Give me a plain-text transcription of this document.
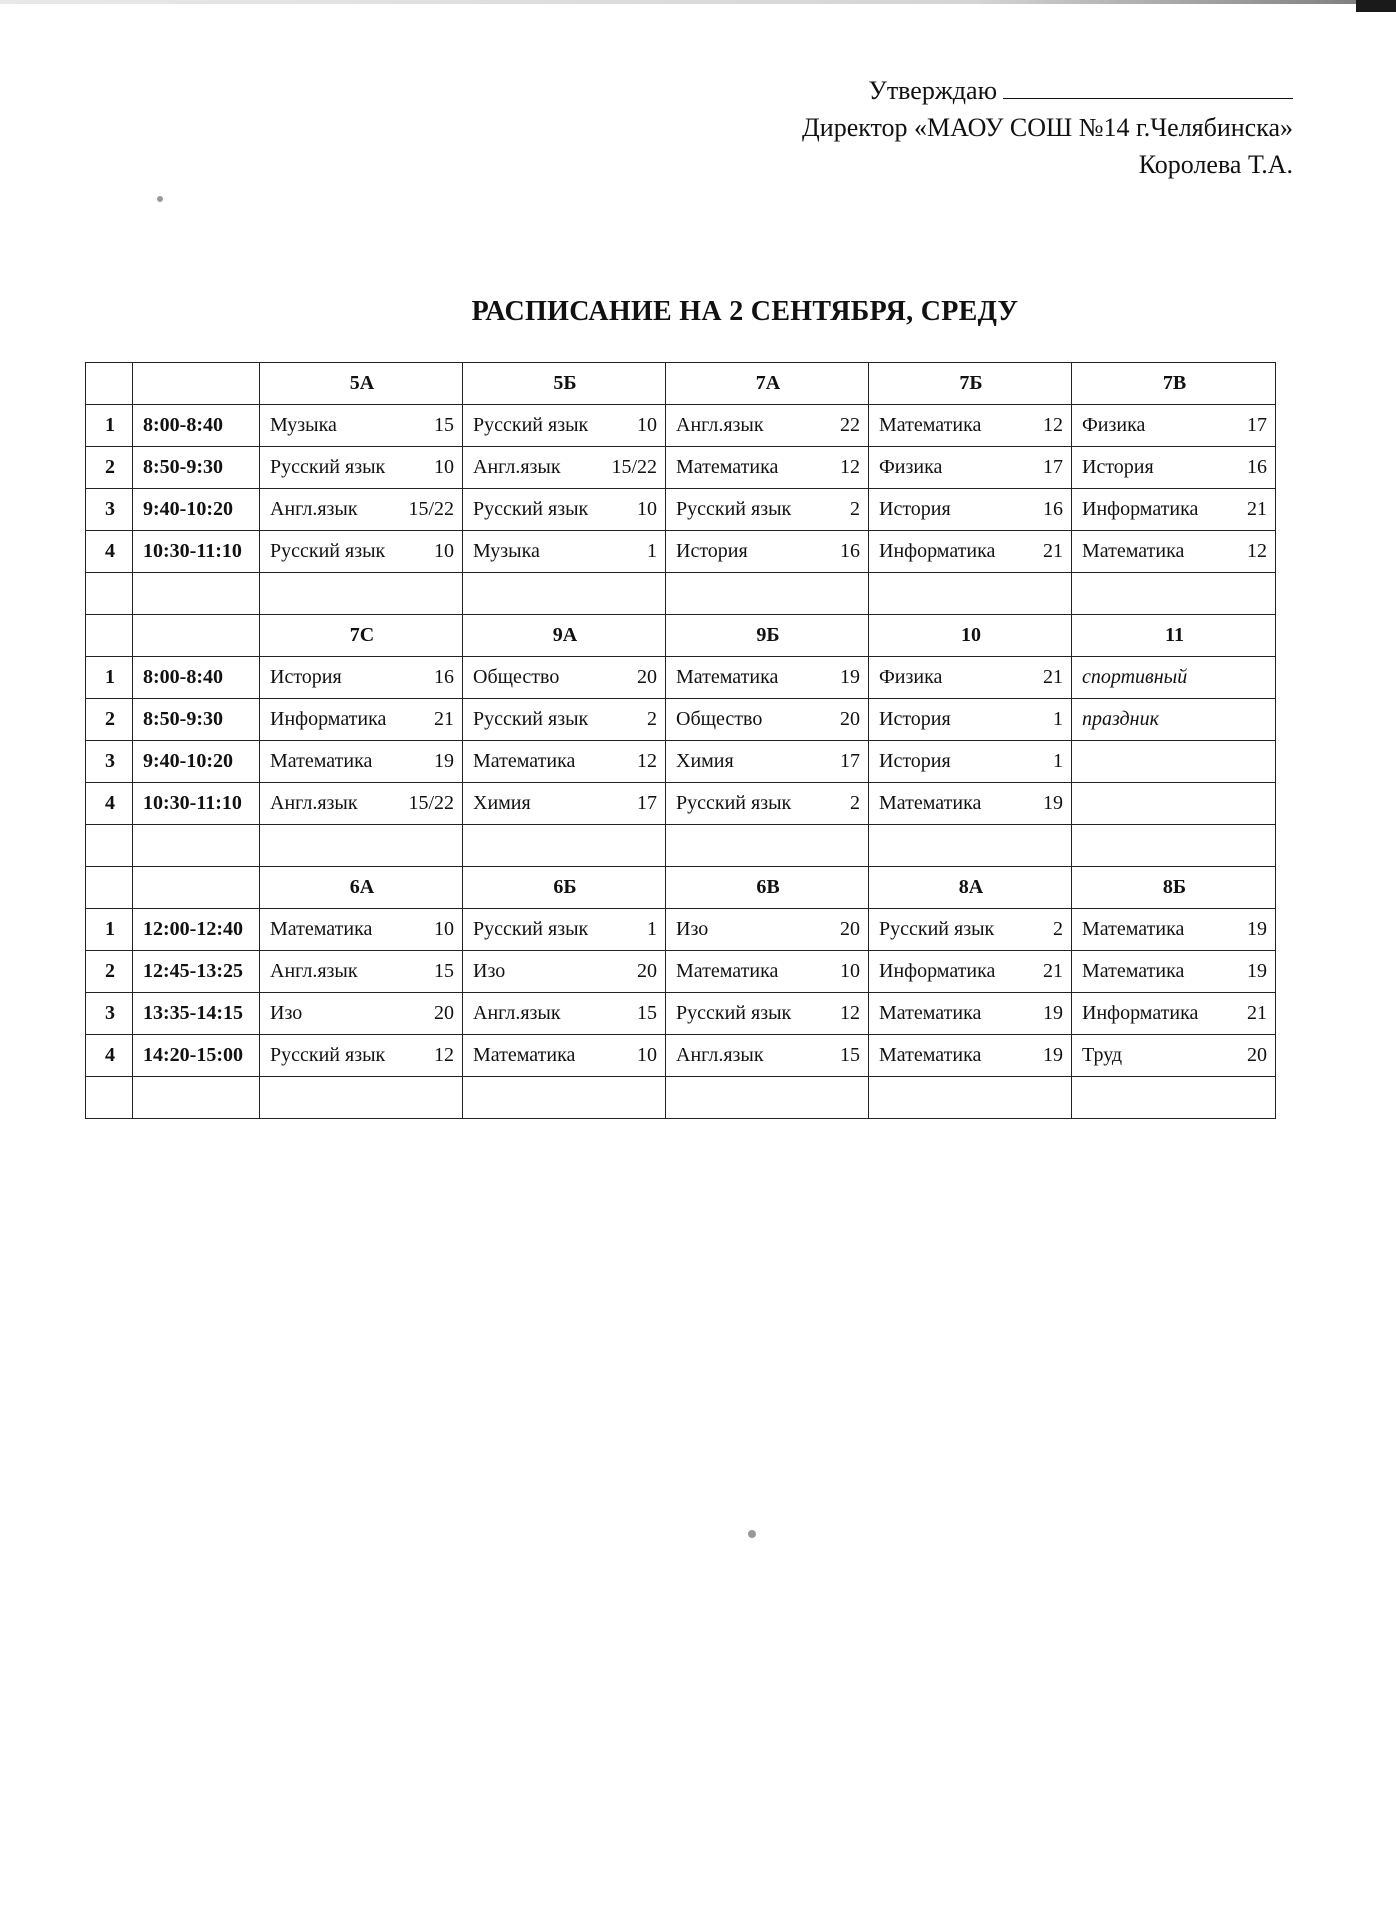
Утверждаю
Директор «МАОУ СОШ №14 г.Челябинска»
Королева Т.А.
РАСПИСАНИЕ НА 2 СЕНТЯБРЯ, СРЕДУ
		5А	5Б	7А	7Б	7В
1	8:00-8:40	Музыка 15	Русский язык 10	Англ.язык 22	Математика 12	Физика 17

2	8:50-9:30	Русский язык 10	Англ.язык 15/22	Математика 12	Физика 17	История 16

3	9:40-10:20	Англ.язык 15/22	Русский язык 10	Русский язык 2	История 16	Информатика 21

4	10:30-11:10	Русский язык 10	Музыка 1	История 16	Информатика 21	Математика 12

		7С	9А	9Б	10	11
1	8:00-8:40	История 16	Общество 20	Математика 19	Физика 21	спортивный

2	8:50-9:30	Информатика 21	Русский язык 2	Общество 20	История 1	праздник

3	9:40-10:20	Математика 19	Математика 12	Химия 17	История 1	

4	10:30-11:10	Англ.язык 15/22	Химия 17	Русский язык 2	Математика 19	

		6А	6Б	6В	8А	8Б
1	12:00-12:40	Математика 10	Русский язык 1	Изо 20	Русский язык 2	Математика 19

2	12:45-13:25	Англ.язык 15	Изо 20	Математика 10	Информатика 21	Математика 19

3	13:35-14:15	Изо 20	Англ.язык 15	Русский язык 12	Математика 19	Информатика 21

4	14:20-15:00	Русский язык 12	Математика 10	Англ.язык 15	Математика 19	Труд 20
